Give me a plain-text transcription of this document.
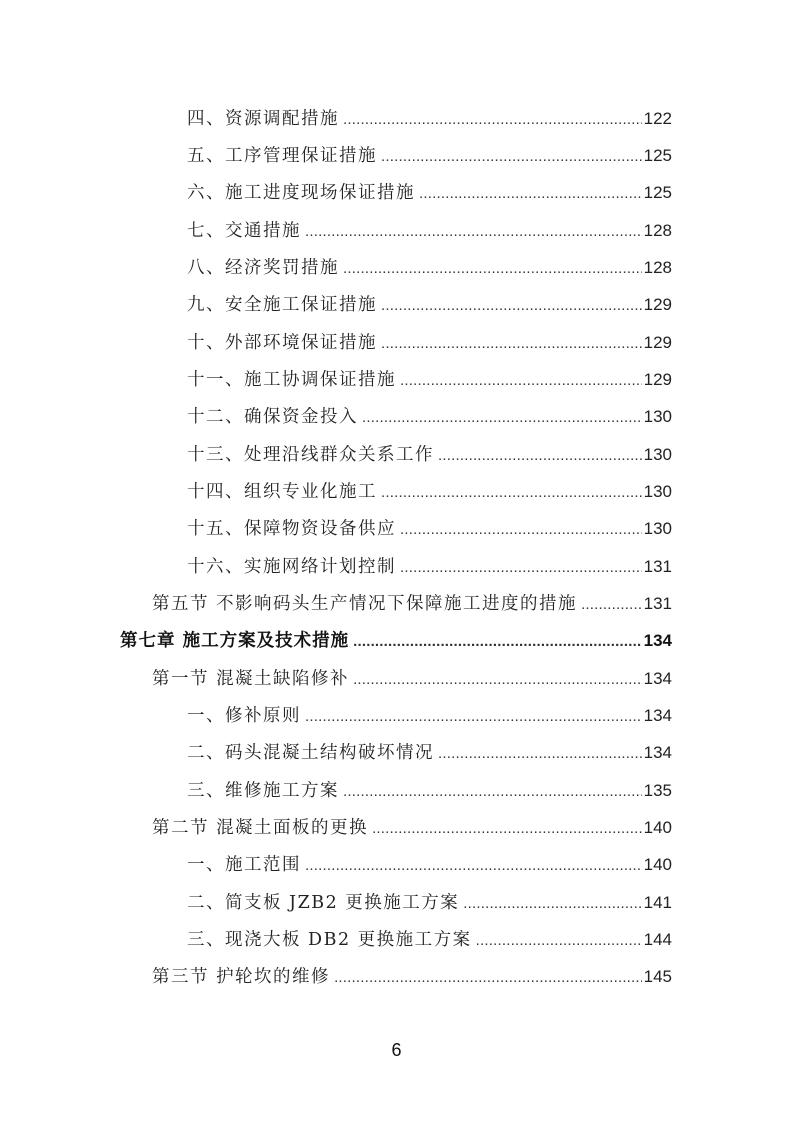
四、资源调配措施 .....	122
五、工序管理保证措施 .....	125
六、施工进度现场保证措施 .....	125
七、交通措施 .....	128
八、经济奖罚措施 .....	128
九、安全施工保证措施 .....	129
十、外部环境保证措施 .....	129
十一、施工协调保证措施 .....	129
十二、确保资金投入 .....	130
十三、处理沿线群众关系工作 .....	130
十四、组织专业化施工 .....	130
十五、保障物资设备供应 .....	130
十六、实施网络计划控制 .....	131
第五节 不影响码头生产情况下保障施工进度的措施 .....	131
第七章 施工方案及技术措施 .....	134
第一节 混凝土缺陷修补 .....	134
一、修补原则 .....	134
二、码头混凝土结构破坏情况 .....	134
三、维修施工方案 .....	135
第二节 混凝土面板的更换 .....	140
一、施工范围 .....	140
二、简支板 JZB2 更换施工方案 .....	141
三、现浇大板 DB2 更换施工方案 .....	144
第三节 护轮坎的维修 .....	145
6
